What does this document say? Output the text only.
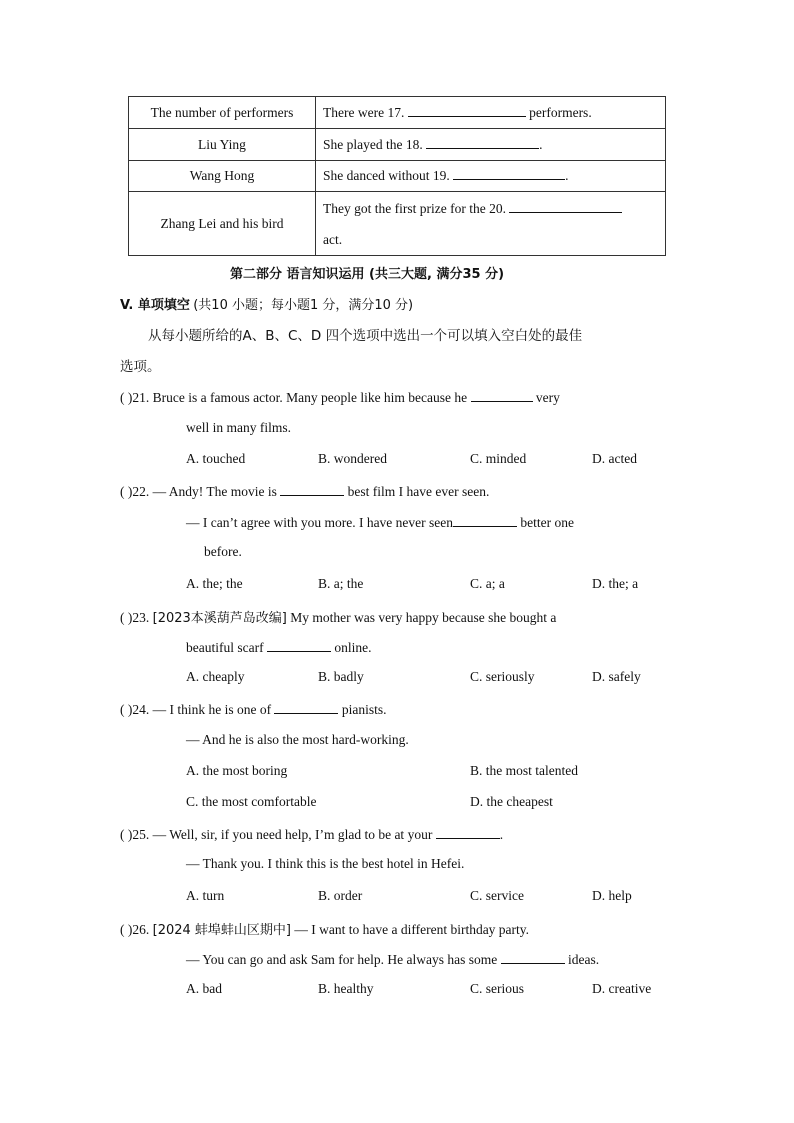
The number of performers	There were 17. performers.
Liu Ying	She played the 18. .
Wang Hong	She danced without 19. .
Zhang Lei and his bird	They got the first prize for the 20.
act.
第二部分 语言知识运用 (共三大题, 满分35 分)
V. 单项填空 (共10 小题；每小题1 分，满分10 分)
从每小题所给的A、B、C、D 四个选项中选出一个可以填入空白处的最佳
选项。
( )21. Bruce is a famous actor. Many people like him because he	very
well in many films.
A. touched	B. wondered	C. minded	D. acted
( )22. — Andy! The movie is	best film I have ever seen.
— I can’t agree with you more. I have never seen	better one
before.
A. the; the	B. a; the	C. a; a	D. the; a
( )23. [2023本溪葫芦岛改编] My mother was very happy because she bought a
beautiful scarf	online.
A. cheaply	B. badly	C. seriously	D. safely
( )24. — I think he is one of	pianists.
— And he is also the most hard-working.
A. the most boring	B. the most talented
C. the most comfortable	D. the cheapest
( )25. — Well, sir, if you need help, I’m glad to be at your	.
— Thank you. I think this is the best hotel in Hefei.
A. turn	B. order	C. service	D. help
( )26. [2024 蚌埠蚌山区期中] — I want to have a different birthday party.
— You can go and ask Sam for help. He always has some	ideas.
A. bad	B. healthy	C. serious	D. creative
